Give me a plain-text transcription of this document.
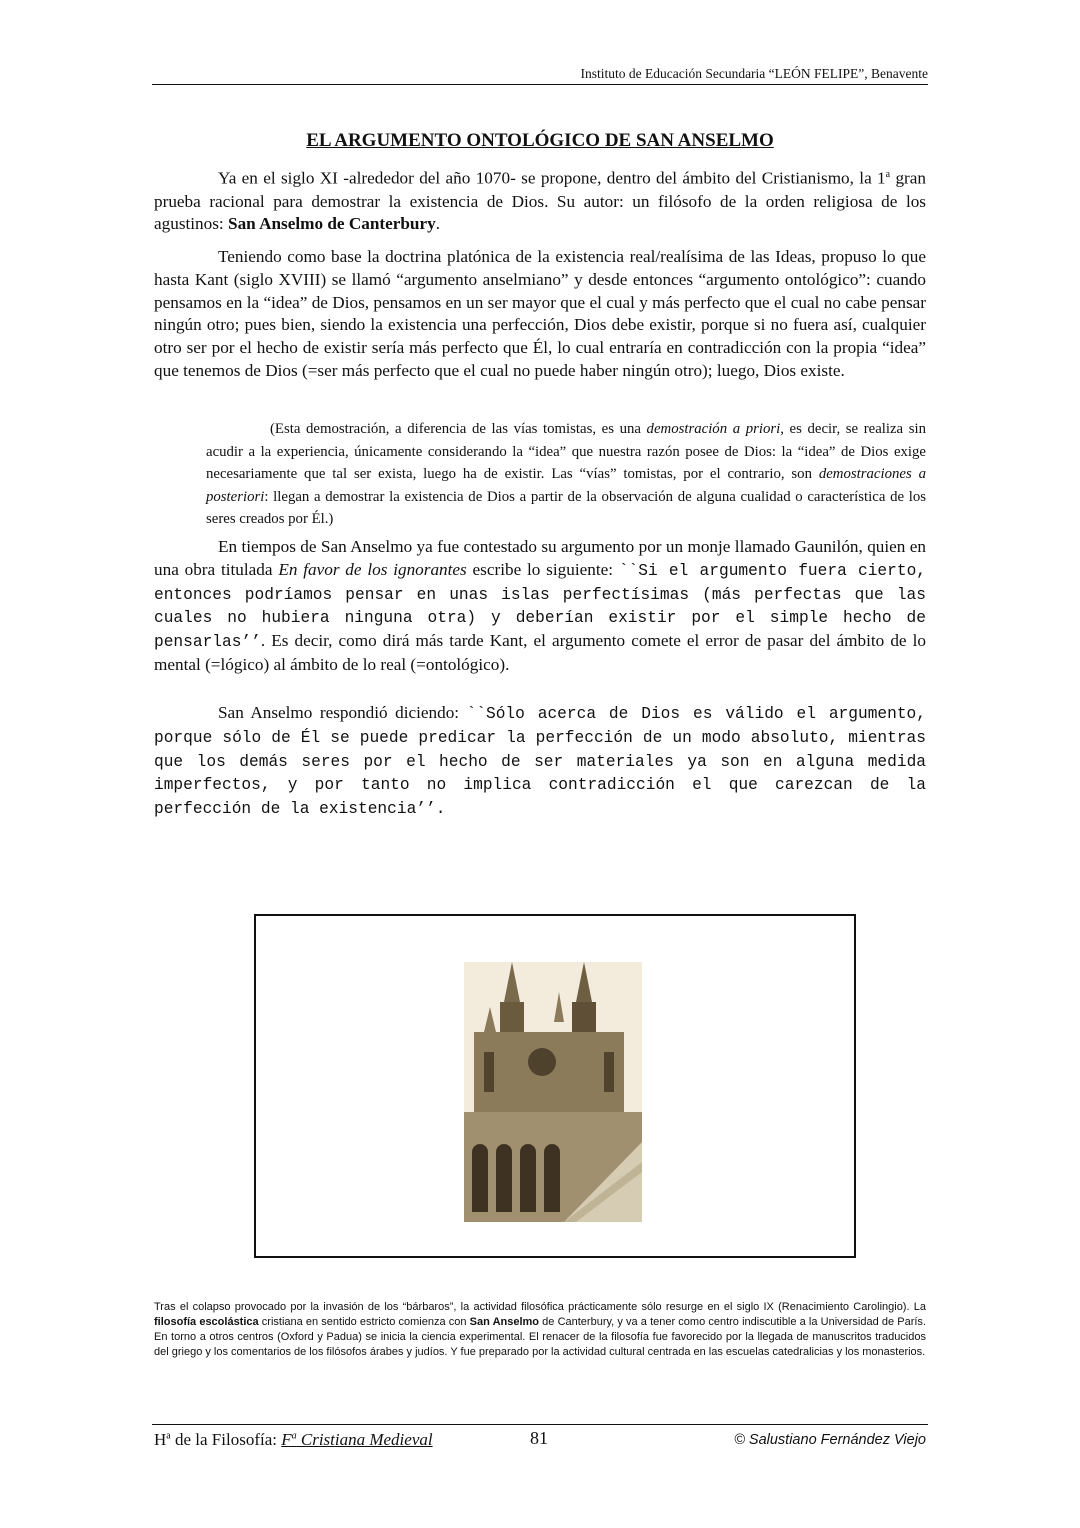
Instituto de Educación Secundaria “LEÓN FELIPE”, Benavente
EL ARGUMENTO ONTOLÓGICO DE SAN ANSELMO

Ya en el siglo XI -alrededor del año 1070- se propone, dentro del ámbito del Cristianismo, la 1$^a$ gran prueba racional para demostrar la existencia de Dios. Su autor: un filósofo de la orden religiosa de los agustinos: San Anselmo de Canterbury.

Teniendo como base la doctrina platónica de la existencia real/realísima de las Ideas, propuso lo que hasta Kant (siglo XVIII) se llamó “argumento anselmiano” y desde entonces “argumento ontológico”: cuando pensamos en la “idea” de Dios, pensamos en un ser mayor que el cual y más perfecto que el cual no cabe pensar ningún otro; pues bien, siendo la existencia una perfección, Dios debe existir, porque si no fuera así, cualquier otro ser por el hecho de existir sería más perfecto que Él, lo cual entraría en contradicción con la propia “idea” que tenemos de Dios (=ser más perfecto que el cual no puede haber ningún otro); luego, Dios existe.

(Esta demostración, a diferencia de las vías tomistas, es una demostración a priori, es decir, se realiza sin acudir a la experiencia, únicamente considerando la “idea” que nuestra razón posee de Dios: la “idea” de Dios exige necesariamente que tal ser exista, luego ha de existir. Las “vías” tomistas, por el contrario, son demostraciones a posteriori: llegan a demostrar la existencia de Dios a partir de la observación de alguna cualidad o característica de los seres creados por Él.)

En tiempos de San Anselmo ya fue contestado su argumento por un monje llamado Gaunilón, quien en una obra titulada En favor de los ignorantes escribe lo siguiente: ``Si el argumento fuera cierto, entonces podríamos pensar en unas islas perfectísimas (más perfectas que las cuales no hubiera ninguna otra) y deberían existir por el simple hecho de pensarlas’’. Es decir, como dirá más tarde Kant, el argumento comete el error de pasar del ámbito de lo mental (=lógico) al ámbito de lo real (=ontológico).

San Anselmo respondió diciendo: ``Sólo acerca de Dios es válido el argumento, porque sólo de Él se puede predicar la perfección de un modo absoluto, mientras que los demás seres por el hecho de ser materiales ya son en alguna medida imperfectos, y por tanto no implica contradicción el que carezcan de la perfección de la existencia’’.

Tras el colapso provocado por la invasión de los “bárbaros”, la actividad filosófica prácticamente sólo resurge en el siglo IX (Renacimiento Carolingio). La filosofía escolástica cristiana en sentido estricto comienza con San Anselmo de Canterbury, y va a tener como centro indiscutible a la Universidad de París. En torno a otros centros (Oxford y Padua) se inicia la ciencia experimental. El renacer de la filosofía fue favorecido por la llegada de manuscritos traducidos del griego y los comentarios de los filósofos árabes y judíos. Y fue preparado por la actividad cultural centrada en las escuelas catedralicias y los monasterios.

$H^a$ de la Filosofía: $F^a$ Cristiana Medieval	81	© Salustiano Fernández Viejo
